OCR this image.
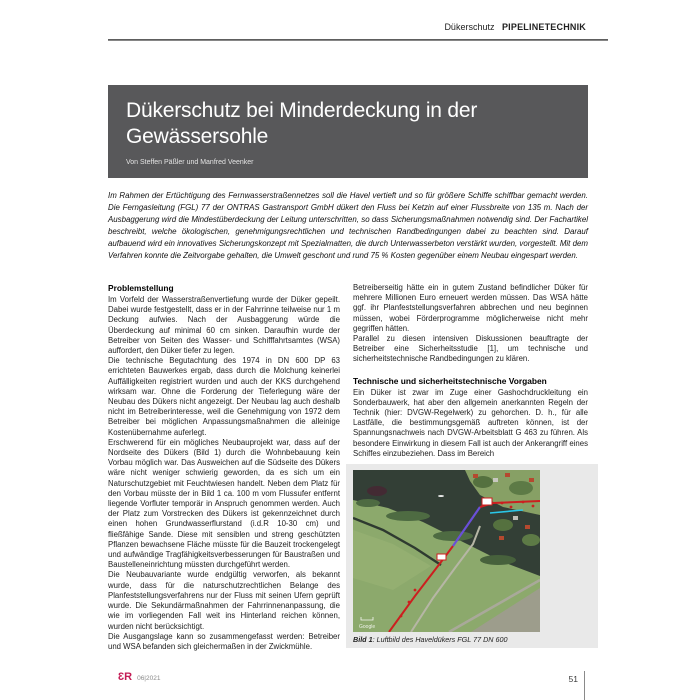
Dükerschutz PIPELINETECHNIK
Dükerschutz bei Minderdeckung in der Gewässersohle
Von Steffen Päßler und Manfred Veenker

Im Rahmen der Ertüchtigung des Fernwasserstraßennetzes soll die Havel vertieft und so für größere Schiffe schiffbar gemacht werden. Die Ferngasleitung (FGL) 77 der ONTRAS Gastransport GmbH dükert den Fluss bei Ketzin auf einer Flussbreite von 135 m. Nach der Ausbaggerung wird die Mindestüberdeckung der Leitung unterschritten, so dass Sicherungsmaßnahmen notwendig sind. Der Fachartikel beschreibt, welche ökologischen, genehmigungsrechtlichen und technischen Randbedingungen dabei zu beachten sind. Darauf aufbauend wird ein innovatives Sicherungskonzept mit Spezialmatten, die durch Unterwasserbeton verstärkt wurden, vorgestellt. Mit dem Verfahren konnte die Zeitvorgabe gehalten, die Umwelt geschont und rund 75 % Kosten gegenüber einem Neubau eingespart werden.

Problemstellung

Im Vorfeld der Wasserstraßenvertiefung wurde der Düker gepeilt. Dabei wurde festgestellt, dass er in der Fahrrinne teilweise nur 1 m Deckung aufwies. Nach der Ausbaggerung würde die Überdeckung auf minimal 60 cm sinken. Daraufhin wurde der Betreiber von Seiten des Wasser- und Schifffahrtsamtes (WSA) auffordert, den Düker tiefer zu legen.

Die technische Begutachtung des 1974 in DN 600 DP 63 errichteten Bauwerkes ergab, dass durch die Molchung keinerlei Auffälligkeiten registriert wurden und auch der KKS durchgehend wirksam war. Ohne die Forderung der Tieferlegung wäre der Neubau des Dükers nicht angezeigt. Der Neubau lag auch deshalb nicht im Betreiberinteresse, weil die Genehmigung von 1972 dem Betreiber bei möglichen Anpassungsmaßnahmen die alleinige Kostenübernahme auferlegt.

Erschwerend für ein mögliches Neubauprojekt war, dass auf der Nordseite des Dükers (Bild 1) durch die Wohnbebauung kein Vorbau möglich war. Das Ausweichen auf die Südseite des Dükers wäre nicht weniger schwierig geworden, da es sich um ein Naturschutzgebiet mit Feuchtwiesen handelt. Neben dem Platz für den Vorbau müsste der in Bild 1 ca. 100 m vom Flussufer entfernt liegende Vorfluter temporär in Anspruch genommen werden. Auch der Platz zum Vorstrecken des Dükers ist gekennzeichnet durch einen hohen Grundwasserflurstand (i.d.R 10-30 cm) und fließfähige Sande. Diese mit sensiblen und streng geschützten Pflanzen bewachsene Fläche müsste für die Bauzeit trockengelegt und aufwändige Tragfähigkeitsverbesserungen für Baustraßen und Baustelleneinrichtung müssten durchgeführt werden.

Die Neubauvariante wurde endgültig verworfen, als bekannt wurde, dass für die naturschutzrechtlichen Belange des Planfeststellungsverfahrens nur der Fluss mit seinen Ufern geprüft wurde. Die Sekundärmaßnahmen der Fahrrinnenanpassung, die wie im vorliegenden Fall weit ins Hinterland reichen können, wurden nicht berücksichtigt.

Die Ausgangslage kann so zusammengefasst werden: Betreiber und WSA befanden sich gleichermaßen in der Zwickmühle.

Betreiberseitig hätte ein in gutem Zustand befindlicher Düker für mehrere Millionen Euro erneuert werden müssen. Das WSA hätte ggf. ihr Planfeststellungsverfahren abbrechen und neu beginnen müssen, wobei Förderprogramme möglicherweise nicht mehr gegriffen hätten.

Parallel zu diesen intensiven Diskussionen beauftragte der Betreiber eine Sicherheitsstudie [1], um technische und sicherheitstechnische Randbedingungen zu klären.

Technische und sicherheitstechnische Vorgaben

Ein Düker ist zwar im Zuge einer Gashochdruckleitung ein Sonderbauwerk, hat aber den allgemein anerkannten Regeln der Technik (hier: DVGW-Regelwerk) zu gehorchen. D. h., für alle Lastfälle, die bestimmungsgemäß auftreten können, ist der Spannungsnachweis nach DVGW-Arbeitsblatt G 463 zu führen. Als besondere Einwirkung in diesem Fall ist auch der Ankerangriff eines Schiffes einzubeziehen. Dass im Bereich

Google
Bild 1: Luftbild des Haveldükers FGL 77 DN 600
3 R 06|2021	51
